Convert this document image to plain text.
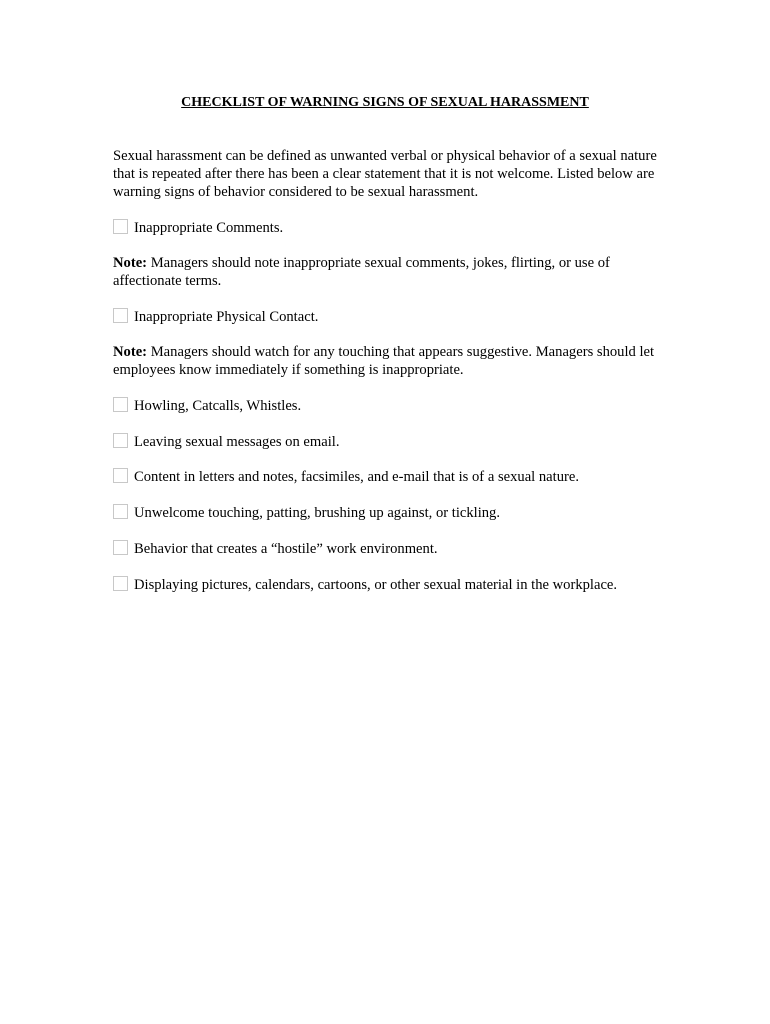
CHECKLIST OF WARNING SIGNS OF SEXUAL HARASSMENT
Sexual harassment can be defined as unwanted verbal or physical behavior of a sexual nature that is repeated after there has been a clear statement that it is not welcome. Listed below are warning signs of behavior considered to be sexual harassment.
Inappropriate Comments.
Note: Managers should note inappropriate sexual comments, jokes, flirting, or use of affectionate terms.
Inappropriate Physical Contact.
Note: Managers should watch for any touching that appears suggestive. Managers should let employees know immediately if something is inappropriate.
Howling, Catcalls, Whistles.
Leaving sexual messages on email.
Content in letters and notes, facsimiles, and e-mail that is of a sexual nature.
Unwelcome touching, patting, brushing up against, or tickling.
Behavior that creates a “hostile” work environment.
Displaying pictures, calendars, cartoons, or other sexual material in the workplace.
